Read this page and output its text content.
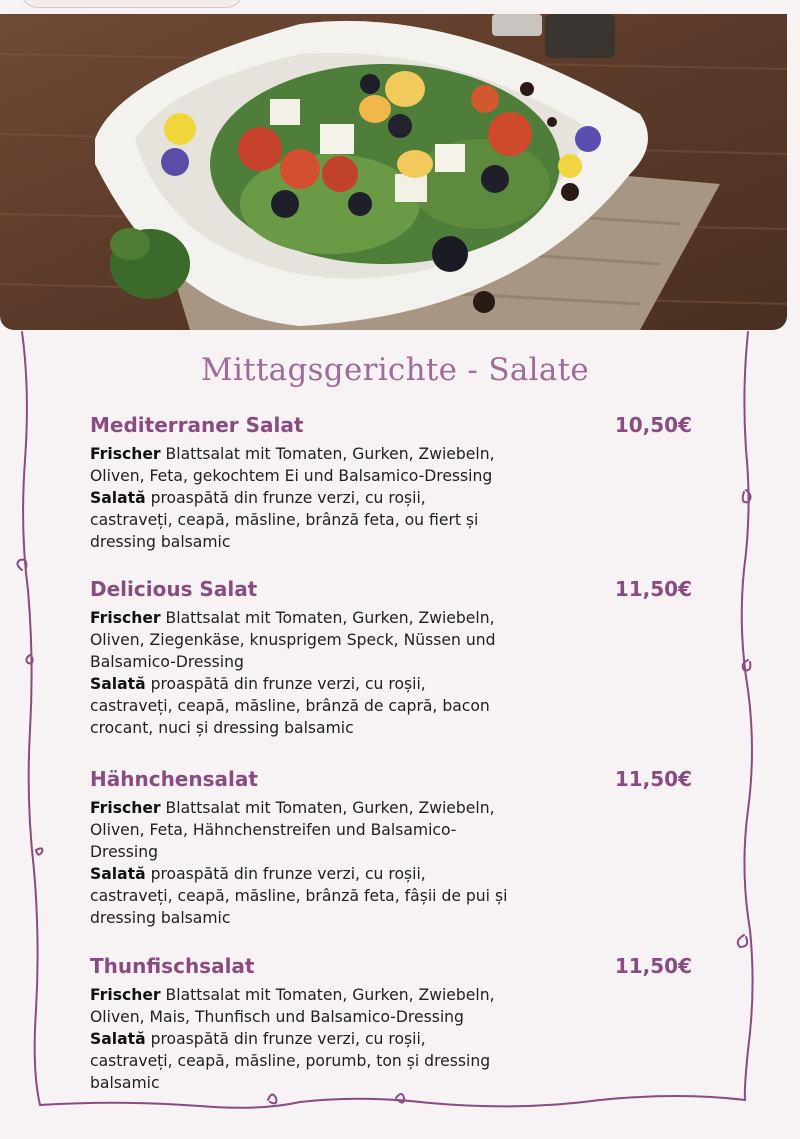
Mittagsgerichte - Salate
Mediterraner Salat	10,50€

Frischer Blattsalat mit Tomaten, Gurken, Zwiebeln, Oliven, Feta, gekochtem Ei und Balsamico-Dressing

Salată proaspătă din frunze verzi, cu roșii, castraveți, ceapă, măsline, brânză feta, ou fiert și dressing balsamic

Delicious Salat	11,50€

Frischer Blattsalat mit Tomaten, Gurken, Zwiebeln, Oliven, Ziegenkäse, knusprigem Speck, Nüssen und Balsamico-Dressing

Salată proaspătă din frunze verzi, cu roșii, castraveți, ceapă, măsline, brânză de capră, bacon crocant, nuci și dressing balsamic

Hähnchensalat	11,50€

Frischer Blattsalat mit Tomaten, Gurken, Zwiebeln, Oliven, Feta, Hähnchenstreifen und Balsamico-Dressing

Salată proaspătă din frunze verzi, cu roșii, castraveți, ceapă, măsline, brânză feta, fâșii de pui și dressing balsamic

Thunfischsalat	11,50€

Frischer Blattsalat mit Tomaten, Gurken, Zwiebeln, Oliven, Mais, Thunfisch und Balsamico-Dressing

Salată proaspătă din frunze verzi, cu roșii, castraveți, ceapă, măsline, porumb, ton și dressing balsamic
